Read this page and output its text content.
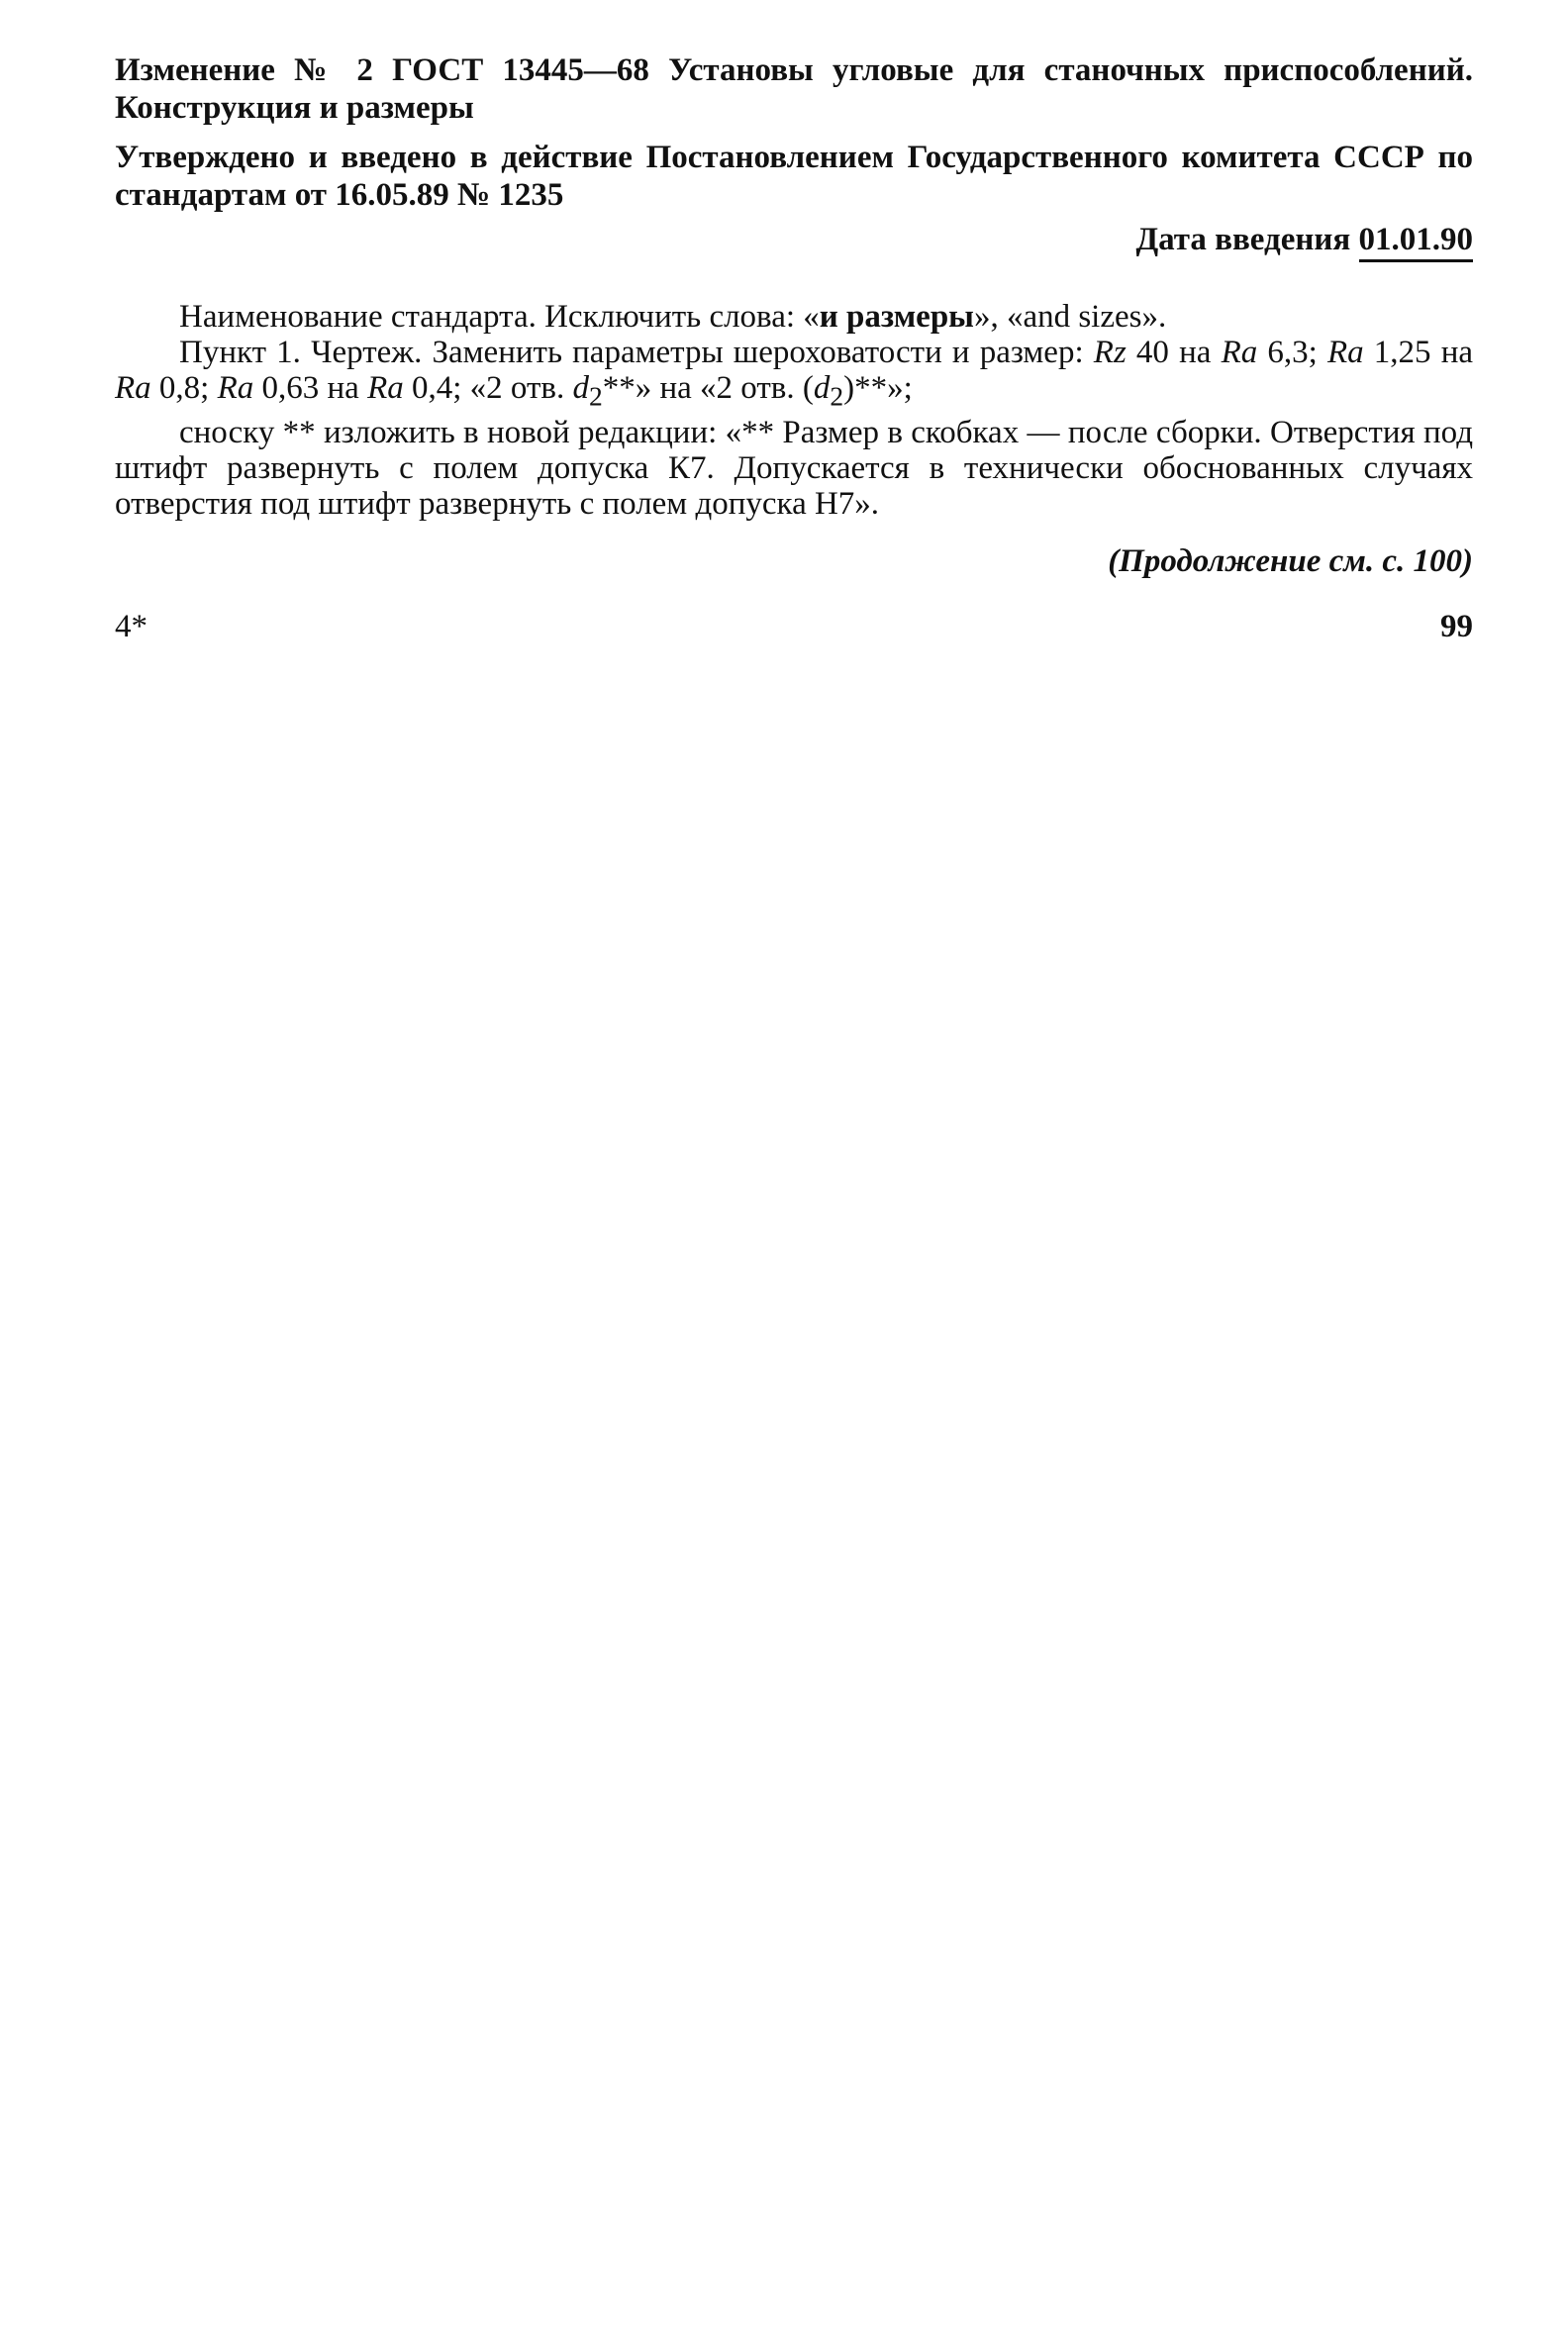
Изменение № 2 ГОСТ 13445—68 Установы угловые для станочных приспособлений. Конструкция и размеры

Утверждено и введено в действие Постановлением Государственного комитета СССР по стандартам от 16.05.89 № 1235

Дата введения 01.01.90

Наименование стандарта. Исключить слова: «и размеры», «and sizes».

Пункт 1. Чертеж. Заменить параметры шероховатости и размер: Rz 40 на Ra 6,3; Ra 1,25 на Ra 0,8; Ra 0,63 на Ra 0,4; «2 отв. $d_2**$» на «2 отв. $(d_2)**$»;

сноску ** изложить в новой редакции: «** Размер в скобках — после сборки. Отверстия под штифт развернуть с полем допуска К7. Допускается в технически обоснованных случаях отверстия под штифт развернуть с полем допуска Н7».

(Продолжение см. с. 100)

4*	99
